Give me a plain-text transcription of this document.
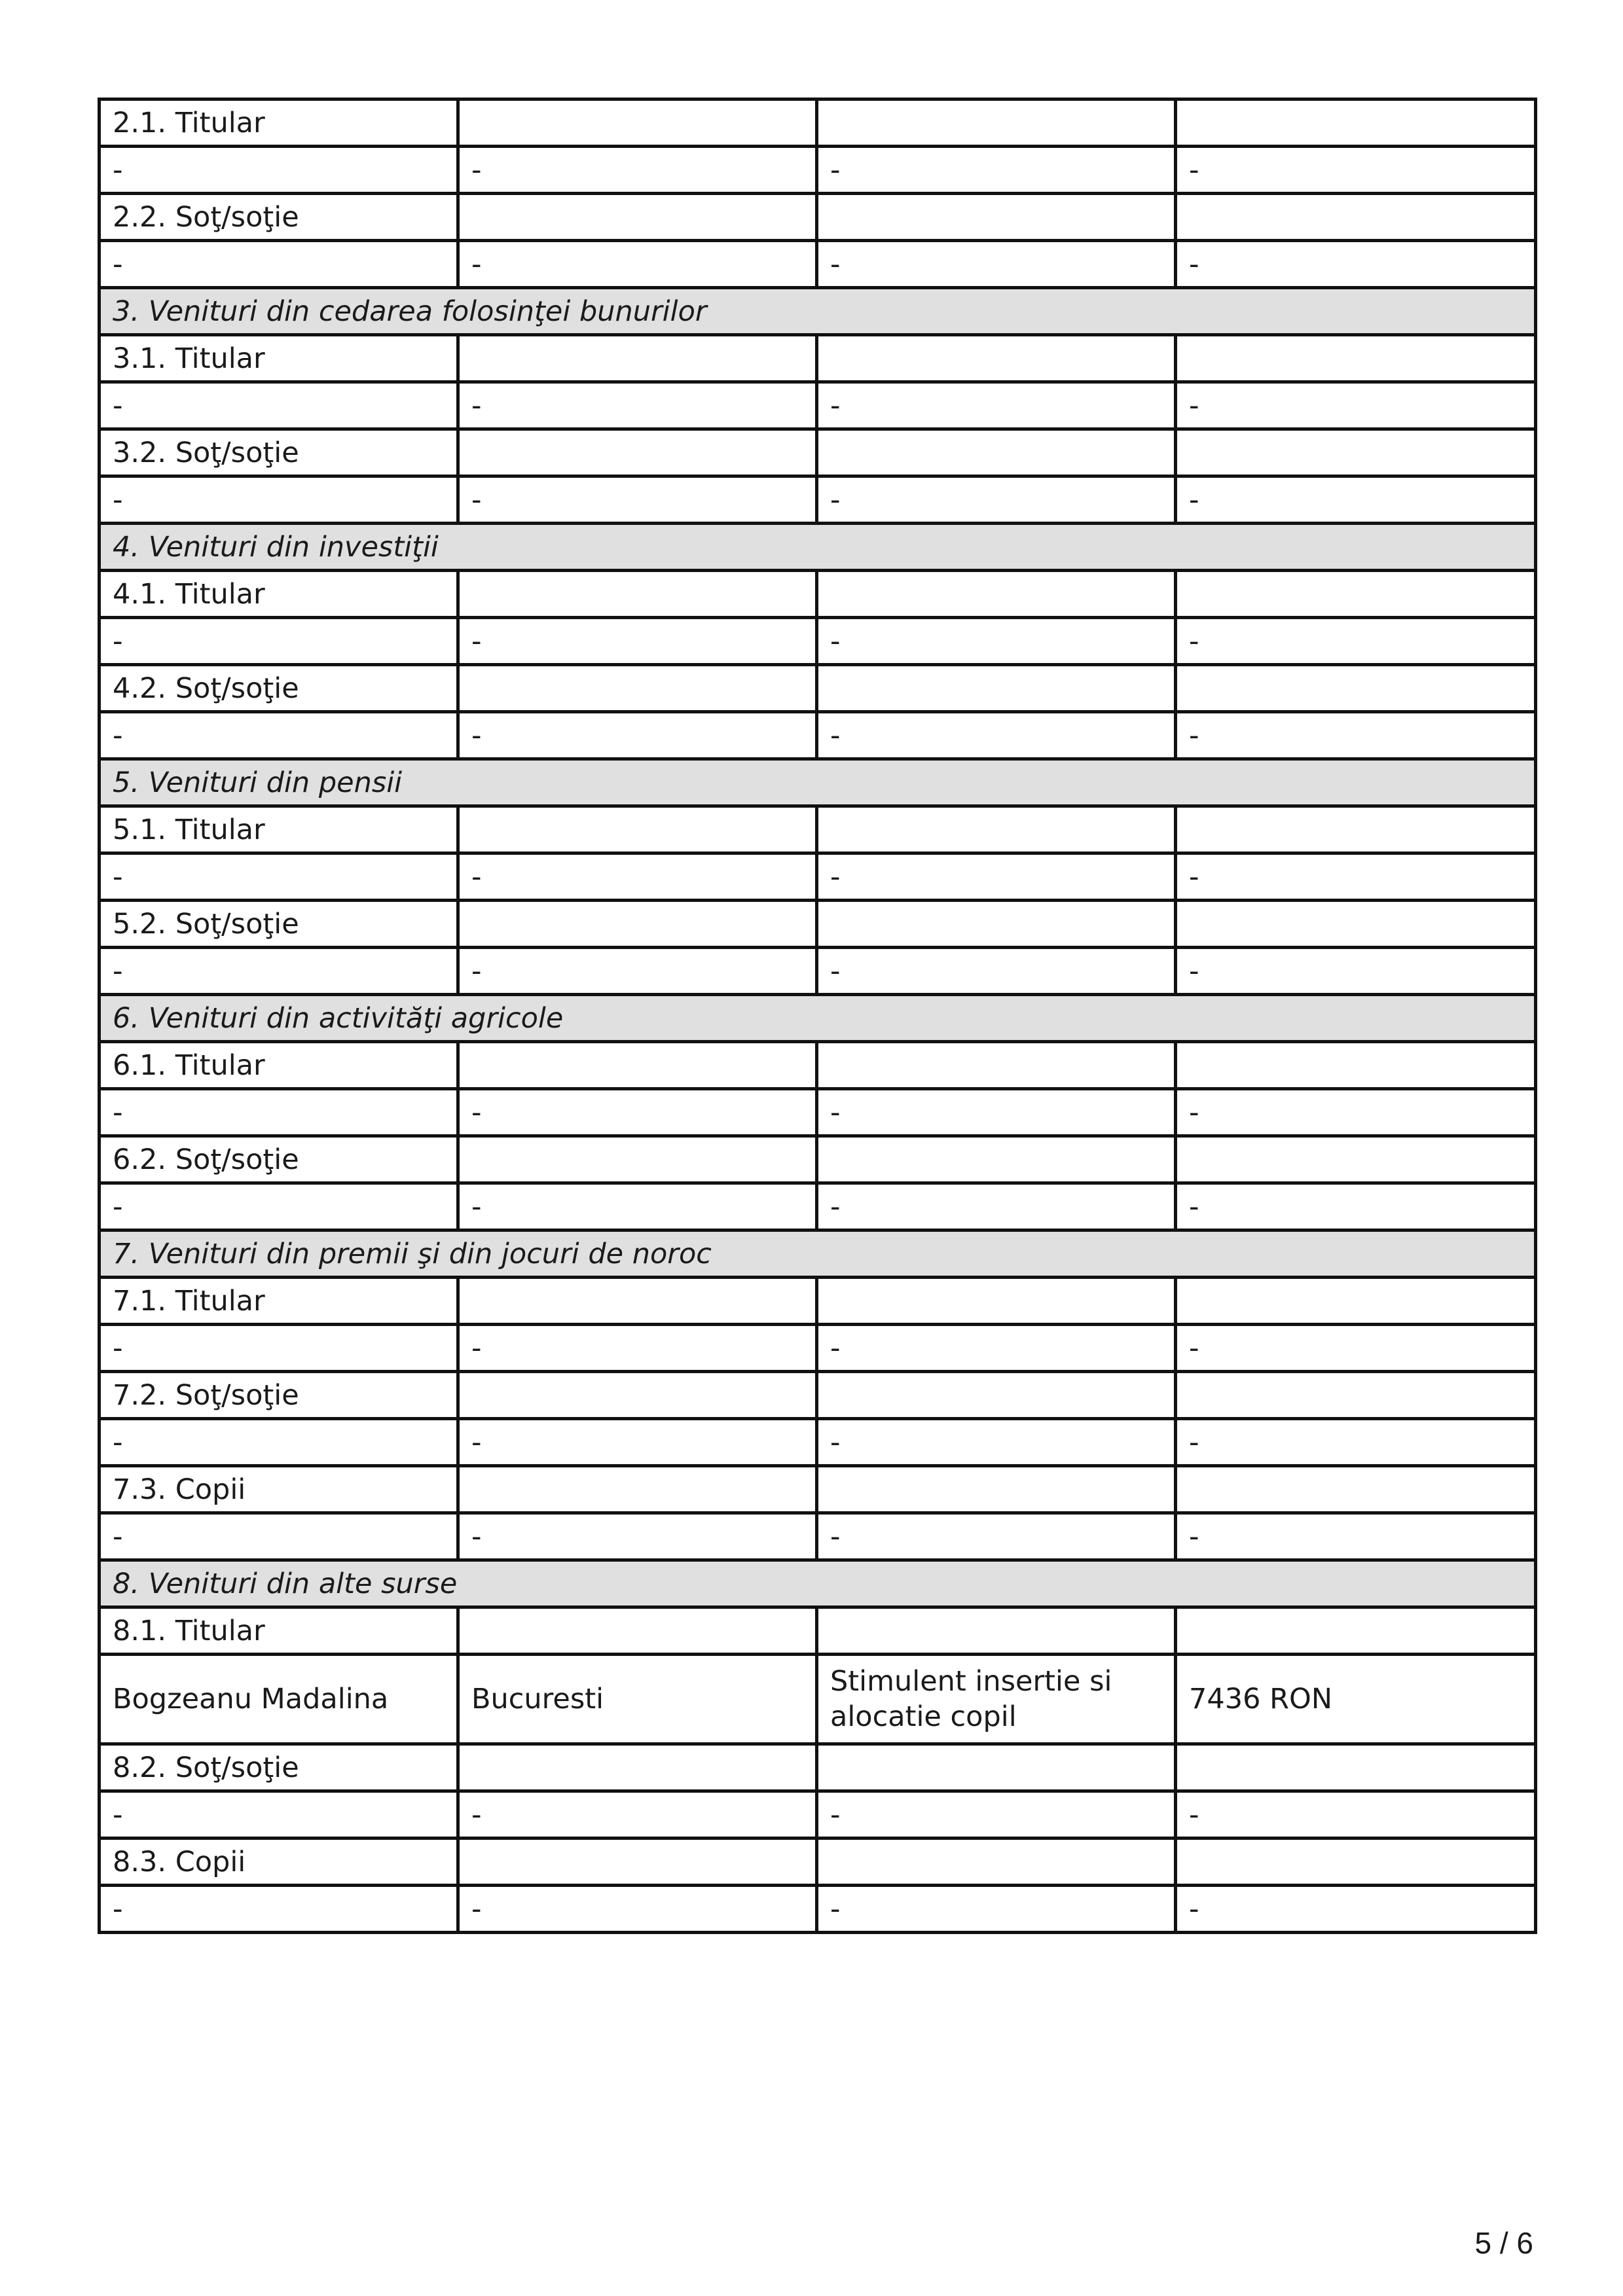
2.1. Titular			
-	-	-	-
2.2. Soţ/soţie			
-	-	-	-
3. Venituri din cedarea folosinţei bunurilor			
3.1. Titular			
-	-	-	-
3.2. Soţ/soţie			
-	-	-	-
4. Venituri din investiţii			
4.1. Titular			
-	-	-	-
4.2. Soţ/soţie			
-	-	-	-
5. Venituri din pensii			
5.1. Titular			
-	-	-	-
5.2. Soţ/soţie			
-	-	-	-
6. Venituri din activităţi agricole			
6.1. Titular			
-	-	-	-
6.2. Soţ/soţie			
-	-	-	-
7. Venituri din premii şi din jocuri de noroc			
7.1. Titular			
-	-	-	-
7.2. Soţ/soţie			
-	-	-	-
7.3. Copii			
-	-	-	-
8. Venituri din alte surse			
8.1. Titular			
Bogzeanu Madalina	Bucuresti	Stimulent insertie si alocatie copil	7436 RON
8.2. Soţ/soţie			
-	-	-	-
8.3. Copii			
-	-	-	-
5 / 6
